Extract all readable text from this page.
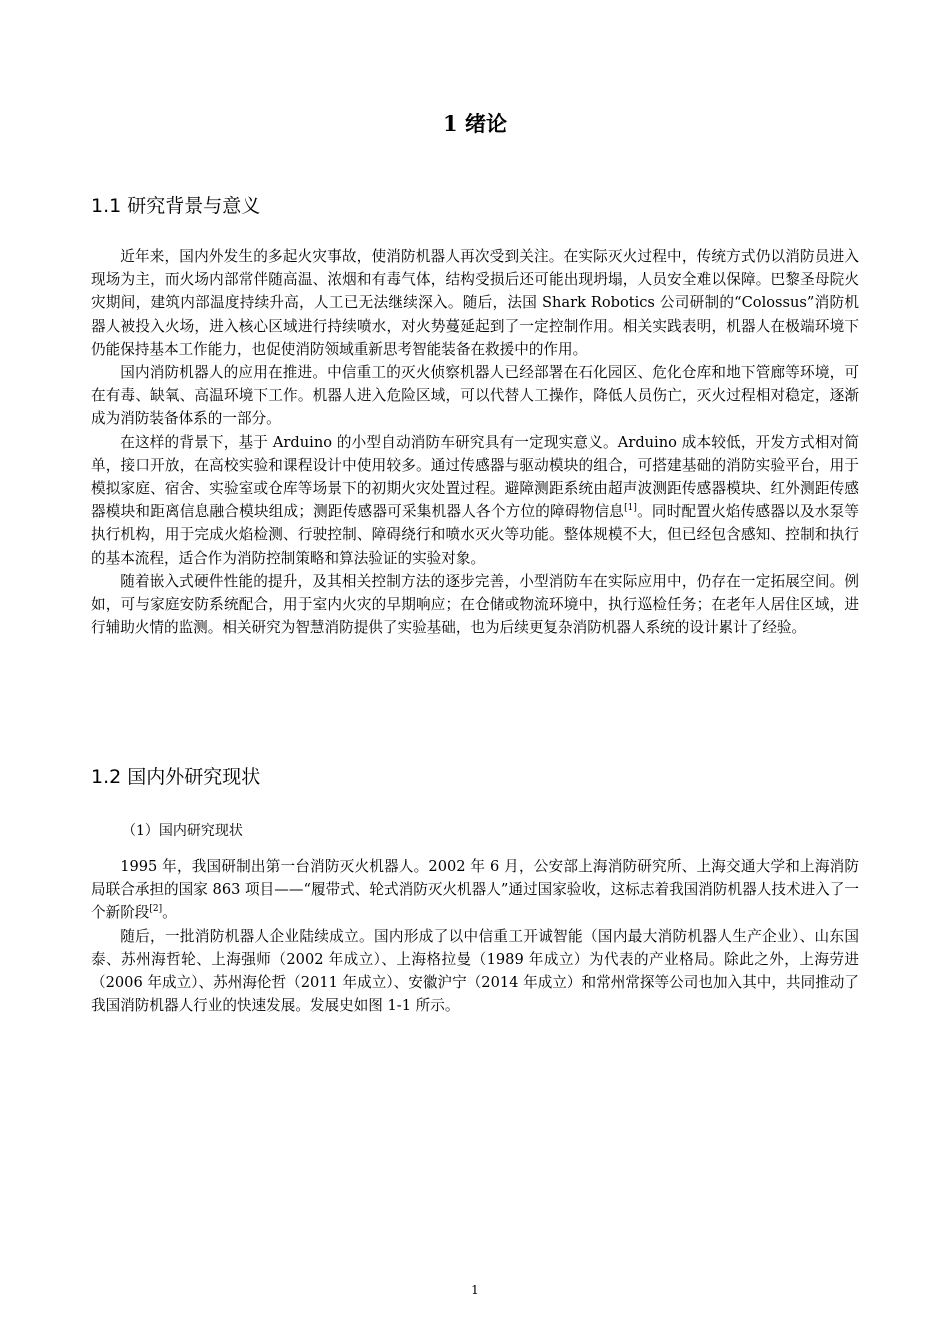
1 绪论
1.1 研究背景与意义

近年来，国内外发生的多起火灾事故，使消防机器人再次受到关注。在实际灭火过程中，传统方式仍以消防员进入现场为主，而火场内部常伴随高温、浓烟和有毒气体，结构受损后还可能出现坍塌，人员安全难以保障。巴黎圣母院火灾期间，建筑内部温度持续升高，人工已无法继续深入。随后，法国 Shark Robotics 公司研制的“Colossus”消防机器人被投入火场，进入核心区域进行持续喷水，对火势蔓延起到了一定控制作用。相关实践表明，机器人在极端环境下仍能保持基本工作能力，也促使消防领域重新思考智能装备在救援中的作用。

国内消防机器人的应用在推进。中信重工的灭火侦察机器人已经部署在石化园区、危化仓库和地下管廊等环境，可在有毒、缺氧、高温环境下工作。机器人进入危险区域，可以代替人工操作，降低人员伤亡，灭火过程相对稳定，逐渐成为消防装备体系的一部分。

在这样的背景下，基于 Arduino 的小型自动消防车研究具有一定现实意义。Arduino 成本较低，开发方式相对简单，接口开放，在高校实验和课程设计中使用较多。通过传感器与驱动模块的组合，可搭建基础的消防实验平台，用于模拟家庭、宿舍、实验室或仓库等场景下的初期火灾处置过程。避障测距系统由超声波测距传感器模块、红外测距传感器模块和距离信息融合模块组成；测距传感器可采集机器人各个方位的障碍物信息[1]。同时配置火焰传感器以及水泵等执行机构，用于完成火焰检测、行驶控制、障碍绕行和喷水灭火等功能。整体规模不大，但已经包含感知、控制和执行的基本流程，适合作为消防控制策略和算法验证的实验对象。

随着嵌入式硬件性能的提升，及其相关控制方法的逐步完善，小型消防车在实际应用中，仍存在一定拓展空间。例如，可与家庭安防系统配合，用于室内火灾的早期响应；在仓储或物流环境中，执行巡检任务；在老年人居住区域，进行辅助火情的监测。相关研究为智慧消防提供了实验基础，也为后续更复杂消防机器人系统的设计累计了经验。

1.2 国内外研究现状
（1）国内研究现状

1995 年，我国研制出第一台消防灭火机器人。2002 年 6 月，公安部上海消防研究所、上海交通大学和上海消防局联合承担的国家 863 项目——“履带式、轮式消防灭火机器人”通过国家验收，这标志着我国消防机器人技术进入了一个新阶段[2]。

随后，一批消防机器人企业陆续成立。国内形成了以中信重工开诚智能（国内最大消防机器人生产企业）、山东国泰、苏州海哲轮、上海强师（2002 年成立）、上海格拉曼（1989 年成立）为代表的产业格局。除此之外，上海劳进（2006 年成立）、苏州海伦哲（2011 年成立）、安徽沪宁（2014 年成立）和常州常探等公司也加入其中，共同推动了我国消防机器人行业的快速发展。发展史如图 1-1 所示。

1
